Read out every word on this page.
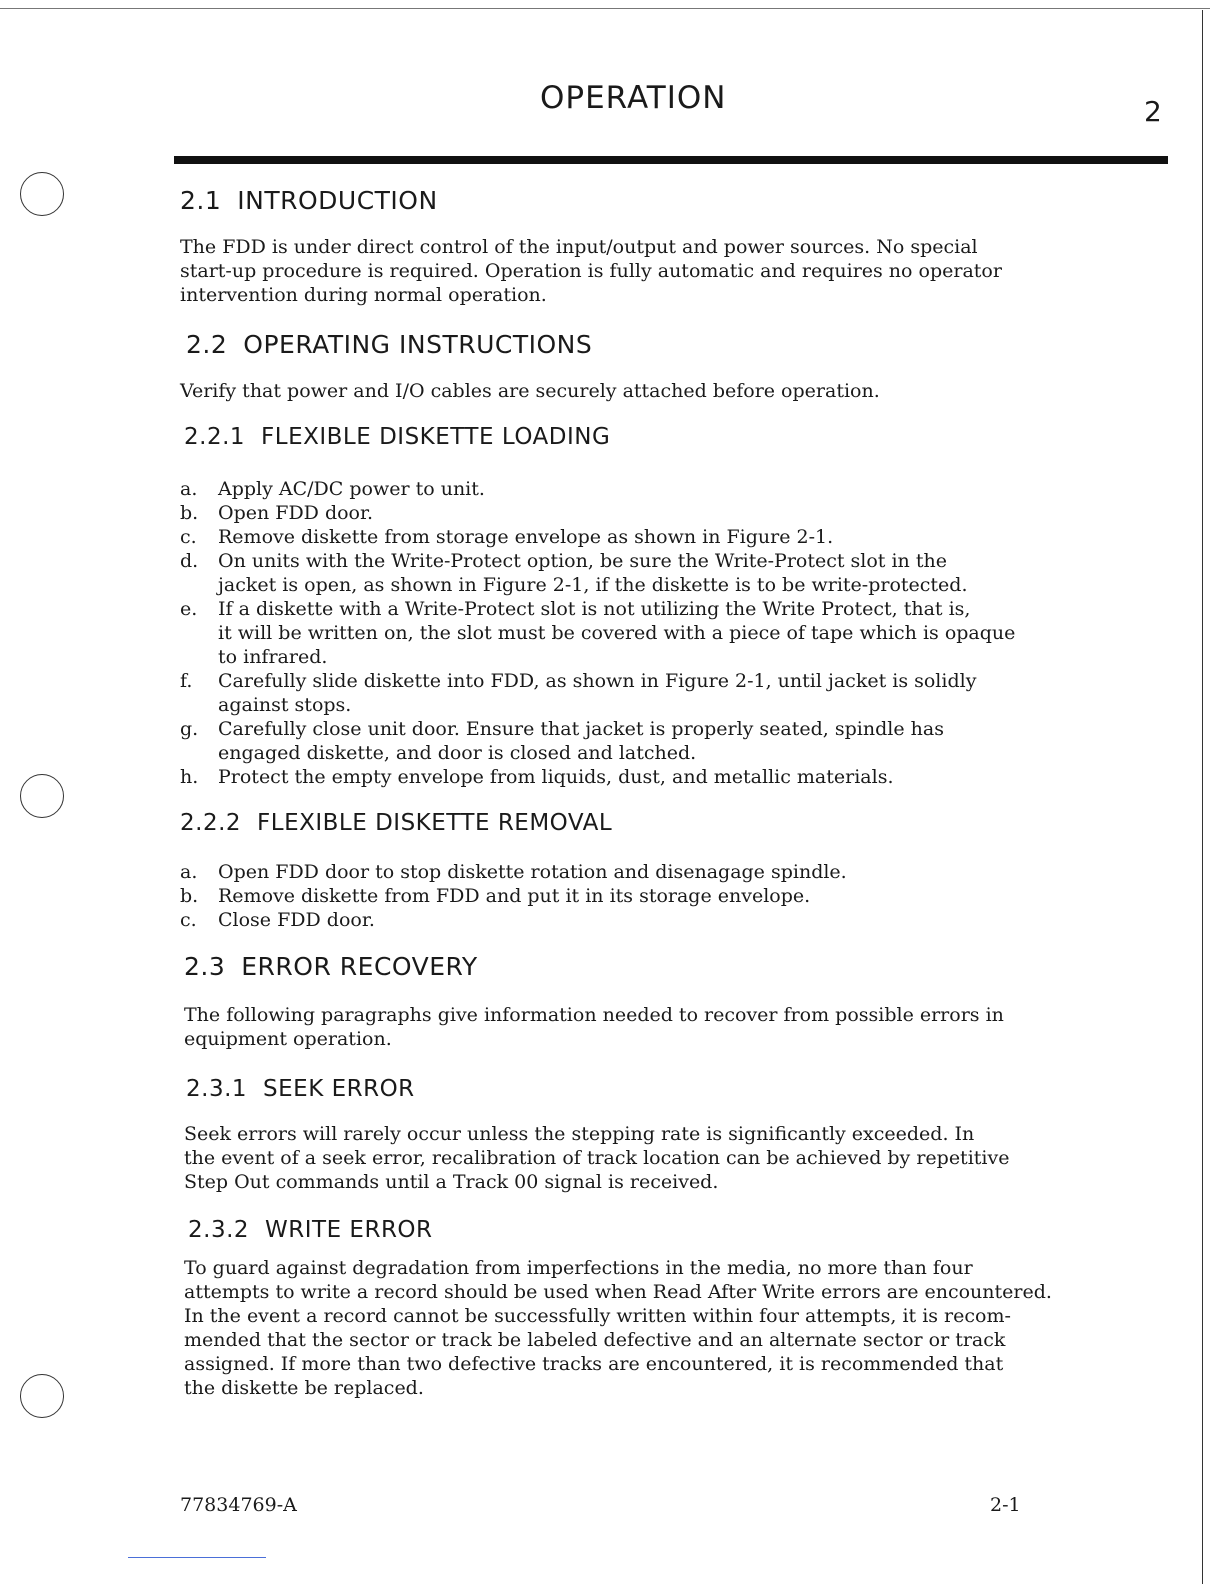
OPERATION	2
2.1 INTRODUCTION

The FDD is under direct control of the input/output and power sources. No special
start-up procedure is required. Operation is fully automatic and requires no operator
intervention during normal operation.

2.2 OPERATING INSTRUCTIONS

Verify that power and I/O cables are securely attached before operation.

2.2.1 FLEXIBLE DISKETTE LOADING
a. Apply AC/DC power to unit.
b. Open FDD door.
c. Remove diskette from storage envelope as shown in Figure 2-1.
d. On units with the Write-Protect option, be sure the Write-Protect slot in the
jacket is open, as shown in Figure 2-1, if the diskette is to be write-protected.
e. If a diskette with a Write-Protect slot is not utilizing the Write Protect, that is,
it will be written on, the slot must be covered with a piece of tape which is opaque
to infrared.
f. Carefully slide diskette into FDD, as shown in Figure 2-1, until jacket is solidly
against stops.
g. Carefully close unit door. Ensure that jacket is properly seated, spindle has
engaged diskette, and door is closed and latched.
h. Protect the empty envelope from liquids, dust, and metallic materials.
2.2.2 FLEXIBLE DISKETTE REMOVAL
a. Open FDD door to stop diskette rotation and disenagage spindle.
b. Remove diskette from FDD and put it in its storage envelope.
c. Close FDD door.
2.3 ERROR RECOVERY

The following paragraphs give information needed to recover from possible errors in
equipment operation.

2.3.1 SEEK ERROR

Seek errors will rarely occur unless the stepping rate is significantly exceeded. In
the event of a seek error, recalibration of track location can be achieved by repetitive
Step Out commands until a Track 00 signal is received.

2.3.2 WRITE ERROR

To guard against degradation from imperfections in the media, no more than four
attempts to write a record should be used when Read After Write errors are encountered.
In the event a record cannot be successfully written within four attempts, it is recom-
mended that the sector or track be labeled defective and an alternate sector or track
assigned. If more than two defective tracks are encountered, it is recommended that
the diskette be replaced.

77834769-A	2-1
